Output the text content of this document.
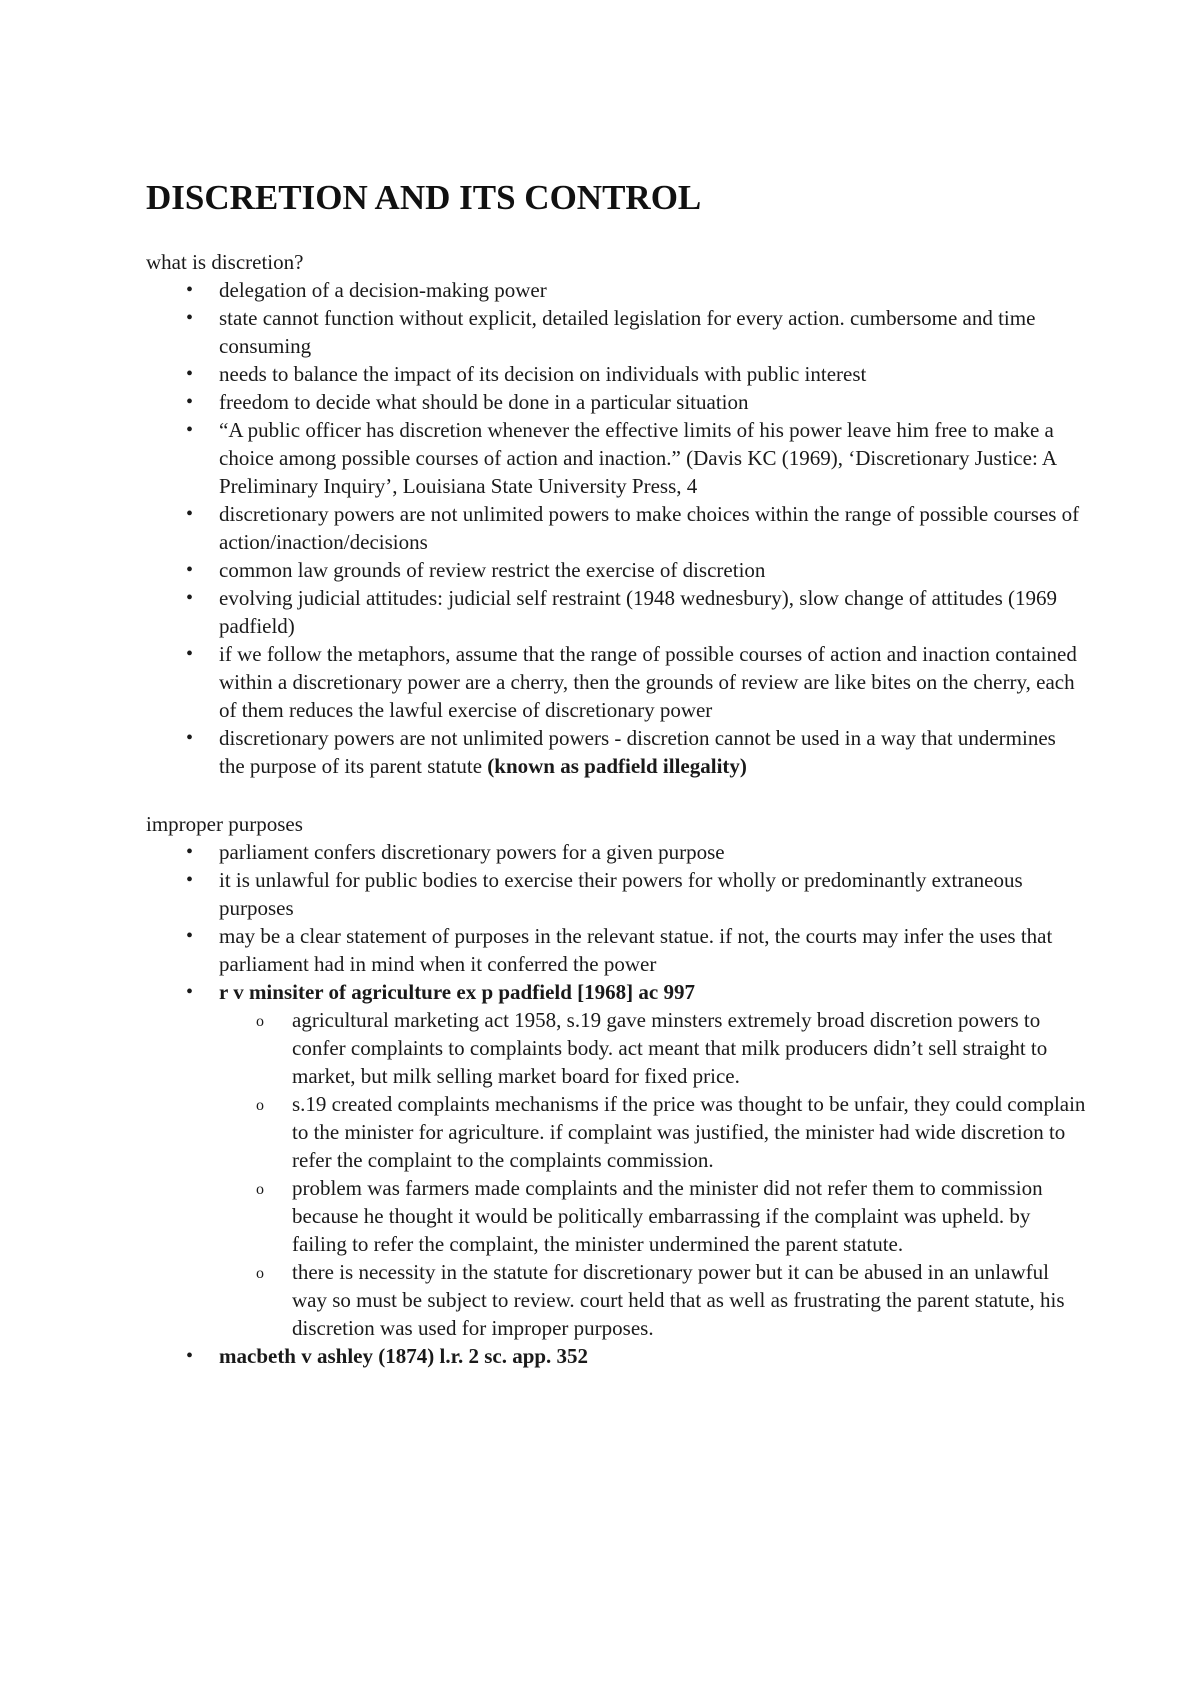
DISCRETION AND ITS CONTROL

what is discretion?

• delegation of a decision-making power
• state cannot function without explicit, detailed legislation for every action. cumbersome and time consuming
• needs to balance the impact of its decision on individuals with public interest
• freedom to decide what should be done in a particular situation
• “A public officer has discretion whenever the effective limits of his power leave him free to make a choice among possible courses of action and inaction.” (Davis KC (1969), ‘Discretionary Justice: A Preliminary Inquiry’, Louisiana State University Press, 4
• discretionary powers are not unlimited powers to make choices within the range of possible courses of action/inaction/decisions
• common law grounds of review restrict the exercise of discretion
• evolving judicial attitudes: judicial self restraint (1948 wednesbury), slow change of attitudes (1969 padfield)
• if we follow the metaphors, assume that the range of possible courses of action and inaction contained within a discretionary power are a cherry, then the grounds of review are like bites on the cherry, each of them reduces the lawful exercise of discretionary power
• discretionary powers are not unlimited powers - discretion cannot be used in a way that undermines the purpose of its parent statute (known as padfield illegality)

improper purposes

• parliament confers discretionary powers for a given purpose
• it is unlawful for public bodies to exercise their powers for wholly or predominantly extraneous purposes
• may be a clear statement of purposes in the relevant statue. if not, the courts may infer the uses that parliament had in mind when it conferred the power
• r v minsiter of agriculture ex p padfield [1968] ac 997
o agricultural marketing act 1958, s.19 gave minsters extremely broad discretion powers to confer complaints to complaints body. act meant that milk producers didn’t sell straight to market, but milk selling market board for fixed price.
o s.19 created complaints mechanisms if the price was thought to be unfair, they could complain to the minister for agriculture. if complaint was justified, the minister had wide discretion to refer the complaint to the complaints commission.
o problem was farmers made complaints and the minister did not refer them to commission because he thought it would be politically embarrassing if the complaint was upheld. by failing to refer the complaint, the minister undermined the parent statute.
o there is necessity in the statute for discretionary power but it can be abused in an unlawful way so must be subject to review. court held that as well as frustrating the parent statute, his discretion was used for improper purposes.
• macbeth v ashley (1874) l.r. 2 sc. app. 352
